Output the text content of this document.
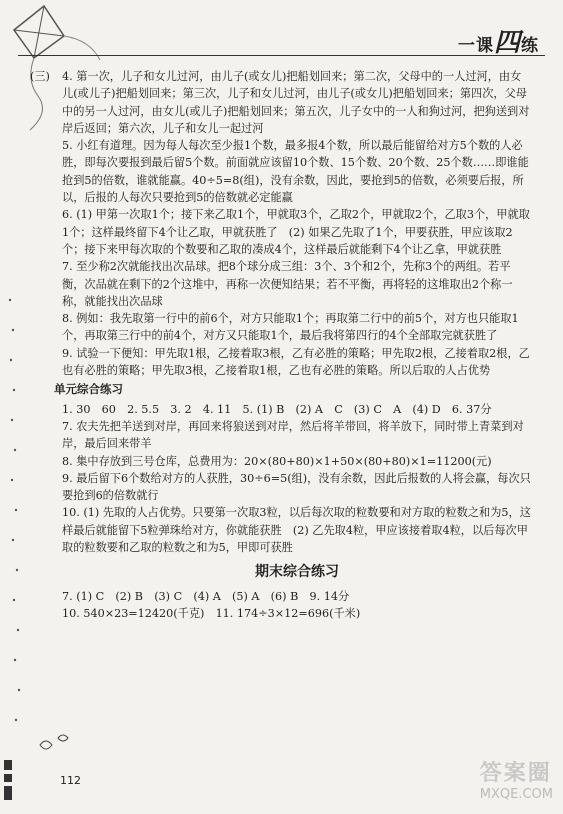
一课四练
(三) 4. 第一次，儿子和女儿过河，由儿子(或女儿)把船划回来；第二次，父母中的一人过河，由女儿(或儿子)把船划回来；第三次，儿子和女儿过河，由儿子(或女儿)把船划回来；第四次，父母中的另一人过河，由女儿(或儿子)把船划回来；第五次，儿子女中的一人和狗过河，把狗送到对岸后返回；第六次，儿子和女儿一起过河

5. 小红有道理。因为每人每次至少报1个数，最多报4个数，所以最后能留给对方5个数的人必胜，即每次要报到最后留5个数。前面就应该留10个数、15个数、20个数、25个数……即谁能抢到5的倍数，谁就能赢。40÷5=8(组)，没有余数，因此，要抢到5的倍数，必须要后报，所以，后报的人每次只要抢到5的倍数就必定能赢

6. (1) 甲第一次取1个；接下来乙取1个，甲就取3个，乙取2个，甲就取2个，乙取3个，甲就取1个；这样最终留下4个让乙取，甲就获胜了　(2) 如果乙先取了1个，甲要获胜，甲应该取2个；接下来甲每次取的个数要和乙取的凑成4个，这样最后就能剩下4个让乙拿，甲就获胜

7. 至少称2次就能找出次品球。把8个球分成三组：3个、3个和2个，先称3个的两组。若平衡，次品就在剩下的2个这堆中，再称一次便知结果；若不平衡，再将轻的这堆取出2个称一称，就能找出次品球

8. 例如：我先取第一行中的前6个，对方只能取1个；再取第二行中的前5个，对方也只能取1个，再取第三行中的前4个，对方又只能取1个，最后我将第四行的4个全部取完就获胜了

9. 试验一下便知：甲先取1根，乙接着取3根，乙有必胜的策略；甲先取2根，乙接着取2根，乙也有必胜的策略；甲先取3根，乙接着取1根，乙也有必胜的策略。所以后取的人占优势

单元综合练习

1. 30　60　2. 5.5　3. 2　4. 11　5. (1) B　(2) A　C　(3) C　A　(4) D　6. 37分

7. 农夫先把羊送到对岸，再回来将狼送到对岸，然后将羊带回，将羊放下，同时带上青菜到对岸，最后回来带羊

8. 集中存放到三号仓库，总费用为：20×(80+80)×1+50×(80+80)×1=11200(元)

9. 最后留下6个数给对方的人获胜，30÷6=5(组)，没有余数，因此后报数的人将会赢，每次只要抢到6的倍数就行

10. (1) 先取的人占优势。只要第一次取3粒，以后每次取的粒数要和对方取的粒数之和为5，这样最后就能留下5粒弹珠给对方，你就能获胜　(2) 乙先取4粒，甲应该接着取4粒，以后每次甲取的粒数要和乙取的粒数之和为5，甲即可获胜

期末综合练习

7. (1) C　(2) B　(3) C　(4) A　(5) A　(6) B　9. 14分

10. 540×23=12420(千克)　11. 174÷3×12=696(千米)

112	答案圈
MXQE.COM
